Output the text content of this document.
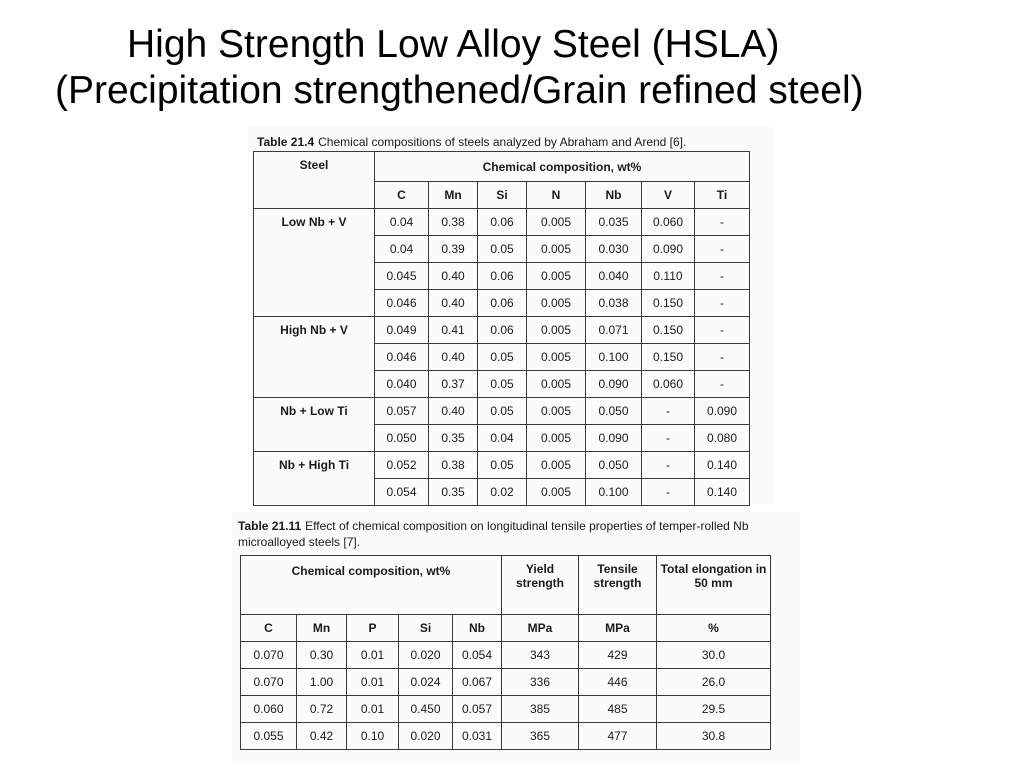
High Strength Low Alloy Steel (HSLA)
(Precipitation strengthened/Grain refined steel)
Table 21.4 Chemical compositions of steels analyzed by Abraham and Arend [6].
Steel	Chemical composition, wt%						
	C	Mn	Si	N	Nb	V	Ti
Low Nb + V	0.04	0.38	0.06	0.005	0.035	0.060	-
	0.04	0.39	0.05	0.005	0.030	0.090	-
	0.045	0.40	0.06	0.005	0.040	0.110	-
	0.046	0.40	0.06	0.005	0.038	0.150	-
High Nb + V	0.049	0.41	0.06	0.005	0.071	0.150	-
	0.046	0.40	0.05	0.005	0.100	0.150	-
	0.040	0.37	0.05	0.005	0.090	0.060	-
Nb + Low Ti	0.057	0.40	0.05	0.005	0.050	-	0.090
	0.050	0.35	0.04	0.005	0.090	-	0.080
Nb + High Ti	0.052	0.38	0.05	0.005	0.050	-	0.140
	0.054	0.35	0.02	0.005	0.100	-	0.140
Table 21.11 Effect of chemical composition on longitudinal tensile properties of temper-rolled Nb microalloyed steels [7].
Chemical composition, wt%					Yield strength	Tensile strength	Total elongation in 50 mm
C	Mn	P	Si	Nb	MPa	MPa	%
0.070	0.30	0.01	0.020	0.054	343	429	30.0
0.070	1.00	0.01	0.024	0.067	336	446	26.0
0.060	0.72	0.01	0.450	0.057	385	485	29.5
0.055	0.42	0.10	0.020	0.031	365	477	30.8
